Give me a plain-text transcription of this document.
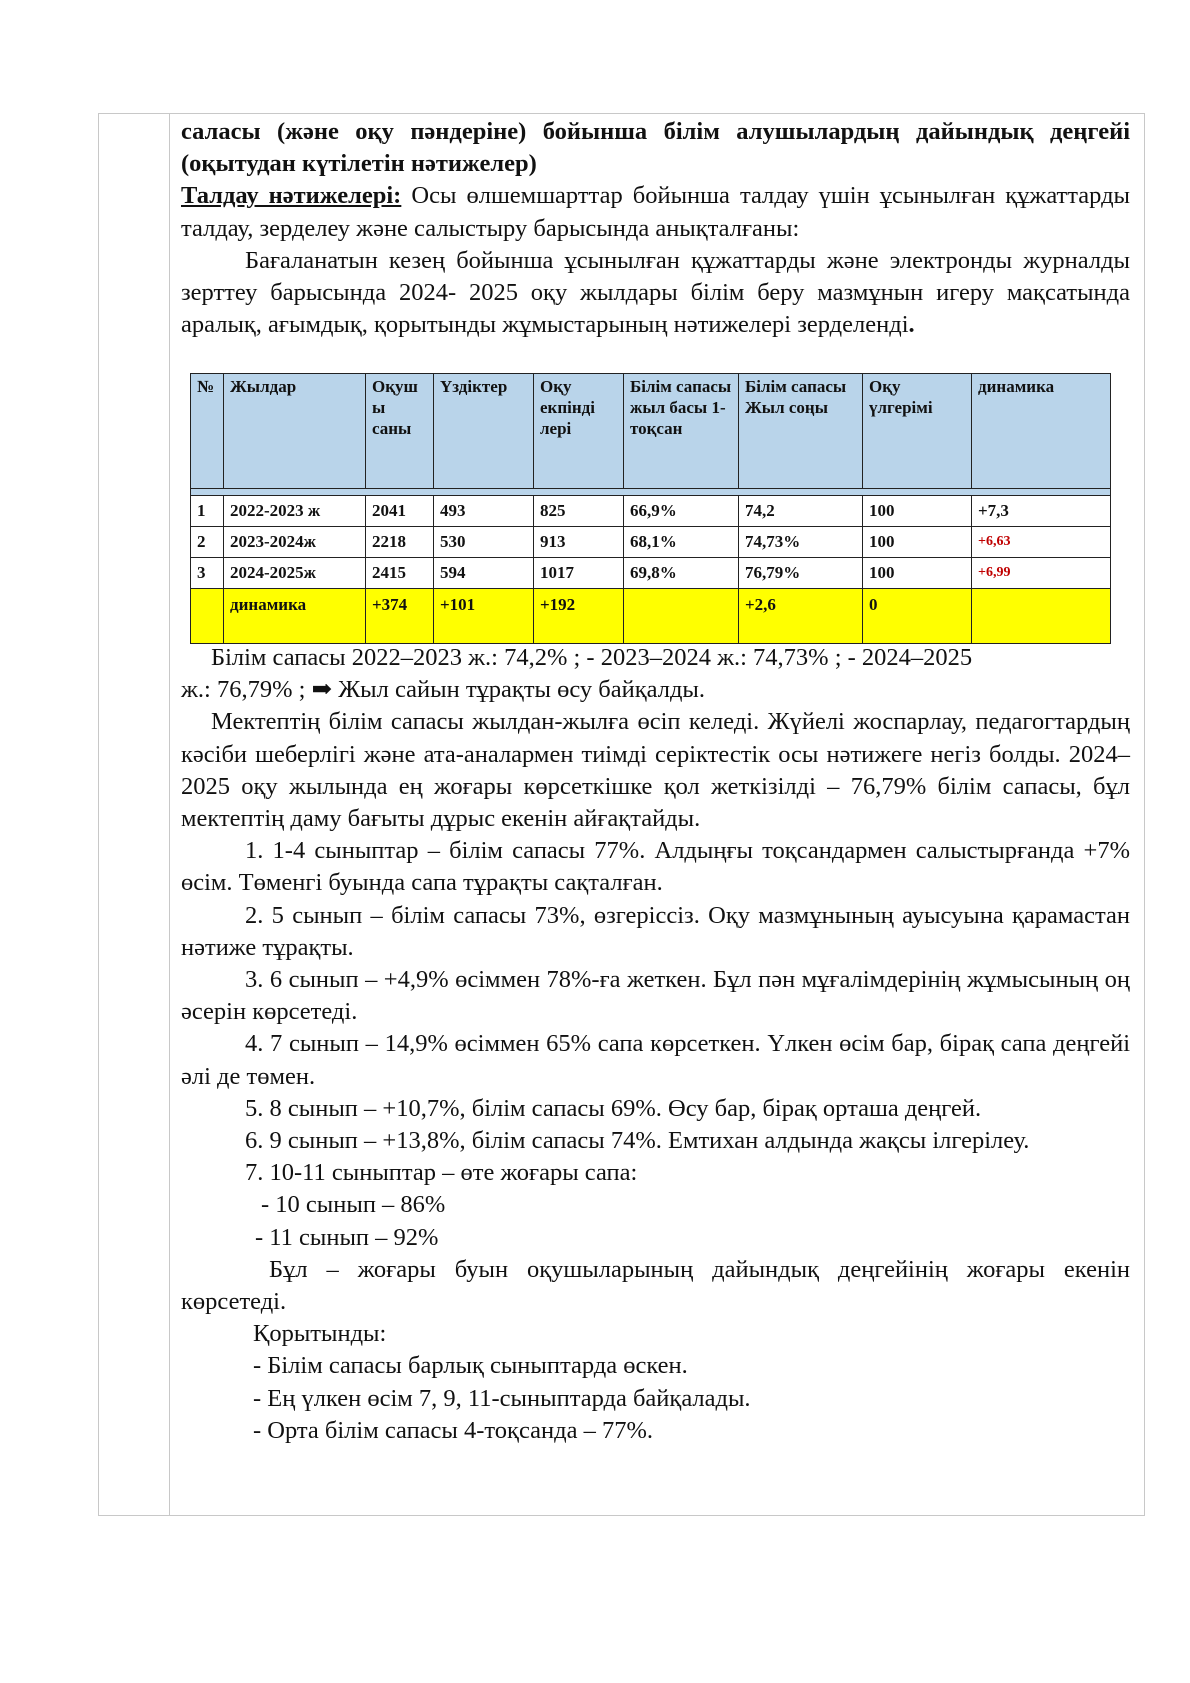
саласы (және оқу пәндеріне) бойынша білім алушылардың дайындық деңгейі (оқытудан күтілетін нәтижелер)

Талдау нәтижелері: Осы өлшемшарттар бойынша талдау үшін ұсынылған құжаттарды талдау, зерделеу және салыстыру барысында анықталғаны:

Бағаланатын кезең бойынша ұсынылған құжаттарды және электронды журналды зерттеу барысында 2024- 2025 оқу жылдары білім беру мазмұнын игеру мақсатында аралық, ағымдық, қорытынды жұмыстарының нәтижелері зерделенді.

№	Жылдар	Оқуш ы саны	Үздіктер	Оқу екпінді лері	Білім сапасы жыл басы 1-тоқсан	Білім сапасы Жыл соңы	Оқу үлгерімі	динамика

1	2022-2023 ж	2041	493	825	66,9%	74,2	100	+7,3
2	2023-2024ж	2218	530	913	68,1%	74,73%	100	$^{+6,63}$
3	2024-2025ж	2415	594	1017	69,8%	76,79%	100	$^{+6,99}$
	динамика	+374	+101	+192		+2,6	0	

Білім сапасы 2022–2023 ж.: 74,2% ; - 2023–2024 ж.: 74,73% ; - 2024–2025

ж.: 76,79% ; ➡ Жыл сайын тұрақты өсу байқалды.

Мектептің білім сапасы жылдан-жылға өсіп келеді. Жүйелі жоспарлау, педагогтардың кәсіби шеберлігі және ата-аналармен тиімді серіктестік осы нәтижеге негіз болды. 2024–2025 оқу жылында ең жоғары көрсеткішке қол жеткізілді – 76,79% білім сапасы, бұл мектептің даму бағыты дұрыс екенін айғақтайды.

1. 1-4 сыныптар – білім сапасы 77%. Алдыңғы тоқсандармен салыстырғанда +7% өсім. Төменгі буында сапа тұрақты сақталған.

2. 5 сынып – білім сапасы 73%, өзгеріссіз. Оқу мазмұнының ауысуына қарамастан нәтиже тұрақты.

3. 6 сынып – +4,9% өсіммен 78%-ға жеткен. Бұл пән мұғалімдерінің жұмысының оң әсерін көрсетеді.

4. 7 сынып – 14,9% өсіммен 65% сапа көрсеткен. Үлкен өсім бар, бірақ сапа деңгейі әлі де төмен.

5. 8 сынып – +10,7%, білім сапасы 69%. Өсу бар, бірақ орташа деңгей.

6. 9 сынып – +13,8%, білім сапасы 74%. Емтихан алдында жақсы ілгерілеу.

7. 10-11 сыныптар – өте жоғары сапа:

- 10 сынып – 86%

- 11 сынып – 92%

Бұл – жоғары буын оқушыларының дайындық деңгейінің жоғары екенін көрсетеді.

Қорытынды:

- Білім сапасы барлық сыныптарда өскен.

- Ең үлкен өсім 7, 9, 11-сыныптарда байқалады.

- Орта білім сапасы 4-тоқсанда – 77%.
